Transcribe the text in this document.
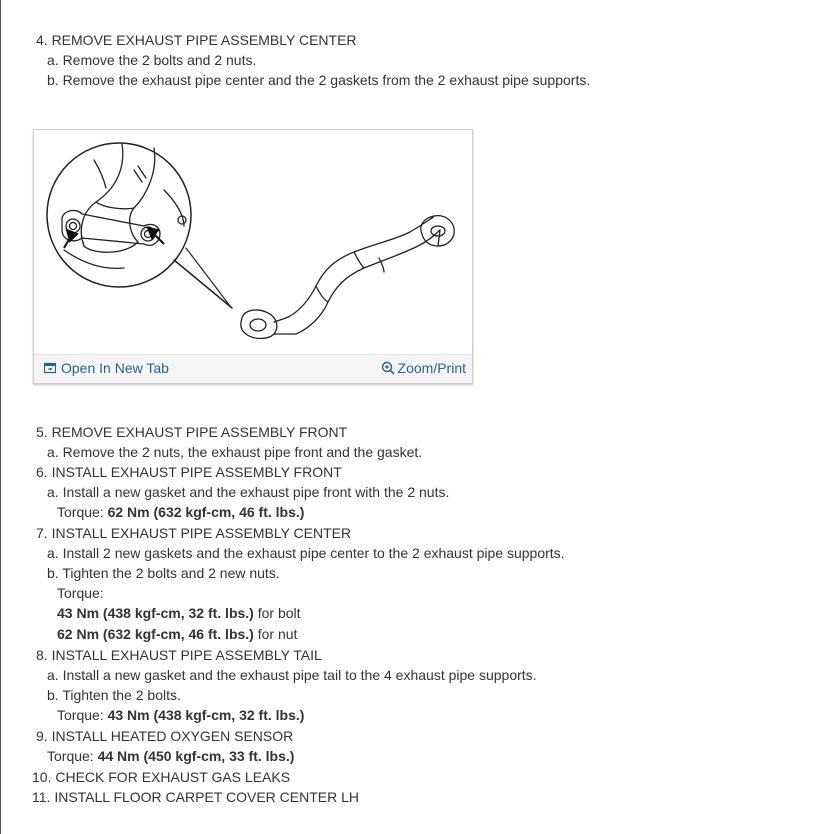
4. REMOVE EXHAUST PIPE ASSEMBLY CENTER
a. Remove the 2 bolts and 2 nuts.
b. Remove the exhaust pipe center and the 2 gaskets from the 2 exhaust pipe supports.
Open In New Tab	Zoom/Print
5. REMOVE EXHAUST PIPE ASSEMBLY FRONT
a. Remove the 2 nuts, the exhaust pipe front and the gasket.
6. INSTALL EXHAUST PIPE ASSEMBLY FRONT
a. Install a new gasket and the exhaust pipe front with the 2 nuts.
Torque: 62 Nm (632 kgf-cm, 46 ft. lbs.)
7. INSTALL EXHAUST PIPE ASSEMBLY CENTER
a. Install 2 new gaskets and the exhaust pipe center to the 2 exhaust pipe supports.
b. Tighten the 2 bolts and 2 new nuts.
Torque:
43 Nm (438 kgf-cm, 32 ft. lbs.) for bolt
62 Nm (632 kgf-cm, 46 ft. lbs.) for nut
8. INSTALL EXHAUST PIPE ASSEMBLY TAIL
a. Install a new gasket and the exhaust pipe tail to the 4 exhaust pipe supports.
b. Tighten the 2 bolts.
Torque: 43 Nm (438 kgf-cm, 32 ft. lbs.)
9. INSTALL HEATED OXYGEN SENSOR
Torque: 44 Nm (450 kgf-cm, 33 ft. lbs.)
10. CHECK FOR EXHAUST GAS LEAKS
11. INSTALL FLOOR CARPET COVER CENTER LH
